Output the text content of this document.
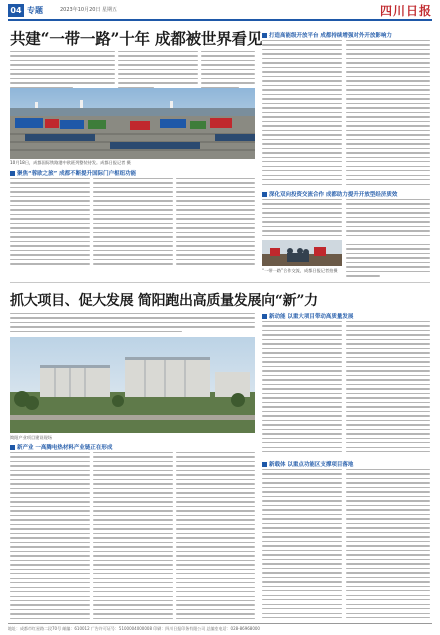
04 专题	2023年10月20日 星期五	四川日报
共建“一带一路”十年 成都被世界看见
10月18日，成都国际铁路港中欧班列整装待发。成都日报记者 摄
聚焦“蓉欧之旅” 成都不断提升国际门户枢纽功能
打造高能级开放平台 成都持续增强对外开放影响力
深化双向投资交流合作 成都助力提升开放型经济质效
“一带一路”合作交流，成都日报记者拍摄
抓大项目、促大发展 简阳跑出高质量发展向“新”力
简阳产业项目建设现场
新产业 一高腾电热材料产业链正在形成
新动能 以重大项目带动高质量发展
新载体 以重点功能区支撑项目落地
地址：成都市红星路二段70号 邮编：610012 广告许可证号：5100004000008 印刷：四川日报印务有限公司 总编室电话：028-86968000
